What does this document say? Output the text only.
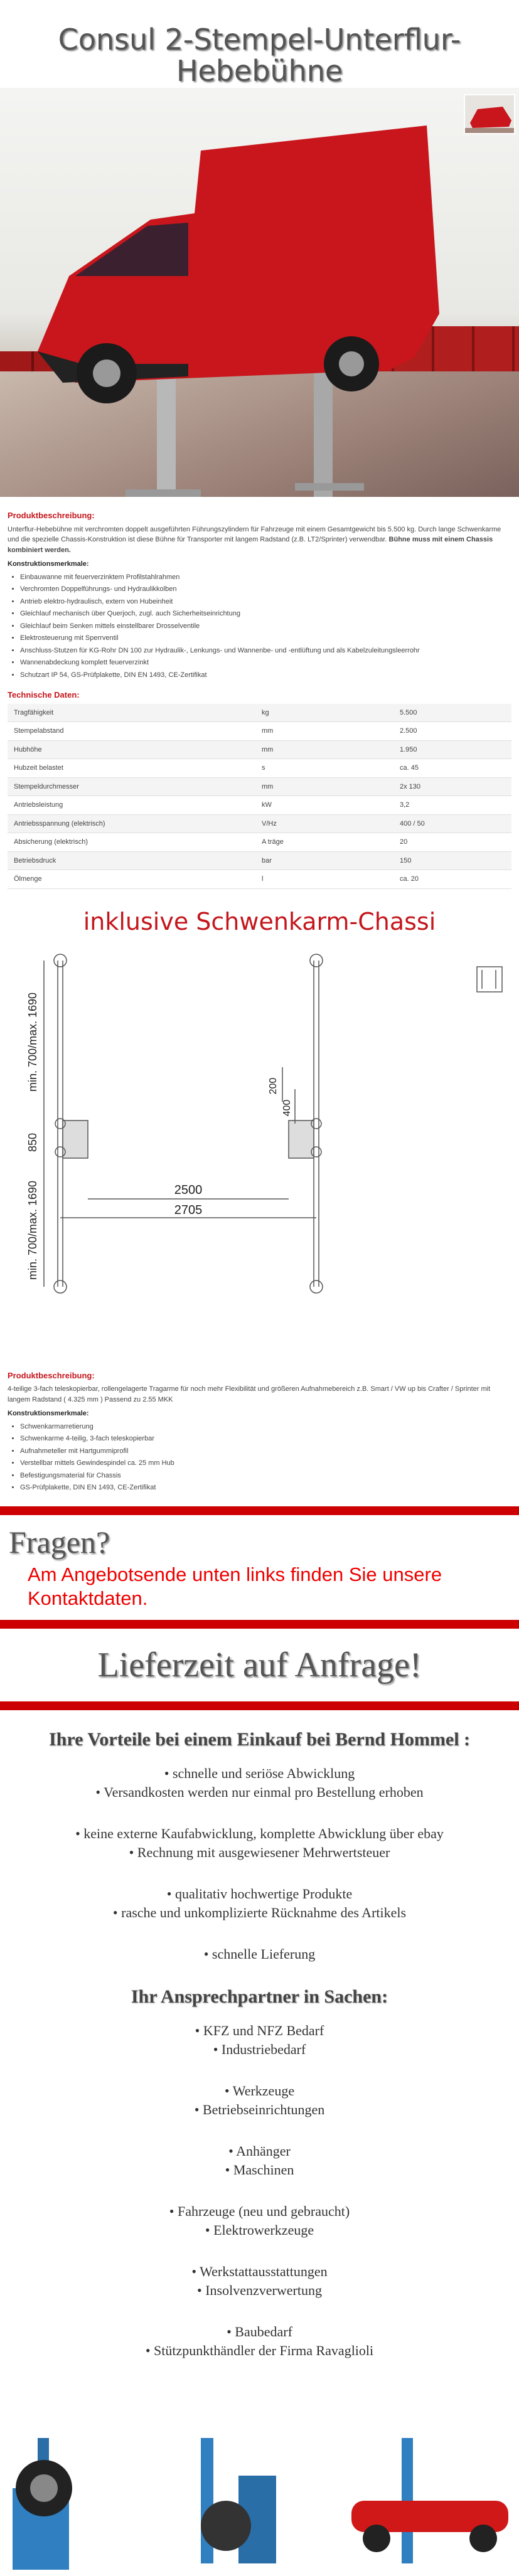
Consul 2-Stempel-Unterflur-Hebebühne

Produktbeschreibung:

Unterflur-Hebebühne mit verchromten doppelt ausgeführten Führungszylindern für Fahrzeuge mit einem Gesamtgewicht bis 5.500 kg. Durch lange Schwenkarme und die spezielle Chassis-Konstruktion ist diese Bühne für Transporter mit langem Radstand (z.B. LT2/Sprinter) verwendbar. Bühne muss mit einem Chassis kombiniert werden.

Konstruktionsmerkmale:
• Einbauwanne mit feuerverzinktem Profilstahlrahmen
• Verchromten Doppelführungs- und Hydraulikkolben
• Antrieb elektro-hydraulisch, extern von Hubeinheit
• Gleichlauf mechanisch über Querjoch, zugl. auch Sicherheitseinrichtung
• Gleichlauf beim Senken mittels einstellbarer Drosselventile
• Elektrosteuerung mit Sperrventil
• Anschluss-Stutzen für KG-Rohr DN 100 zur Hydraulik-, Lenkungs- und Wannenbe- und -entlüftung und als Kabelzuleitungsleerrohr
• Wannenabdeckung komplett feuerverzinkt
• Schutzart IP 54, GS-Prüfplakette, DIN EN 1493, CE-Zertifikat
Technische Daten:
Tragfähigkeit	kg	5.500
Stempelabstand	mm	2.500
Hubhöhe	mm	1.950
Hubzeit belastet	s	ca. 45
Stempeldurchmesser	mm	2x 130
Antriebsleistung	kW	3,2
Antriebsspannung (elektrisch)	V/Hz	400 / 50
Absicherung (elektrisch)	A träge	20
Betriebsdruck	bar	150
Ölmenge	l	ca. 20
inklusive Schwenkarm-Chassi
min. 700/max. 1690
850
min. 700/max. 1690
200
400
2500
2705
Produktbeschreibung:

4-teilige 3-fach teleskopierbar, rollengelagerte Tragarme für noch mehr Flexibilität und größeren Aufnahmebereich z.B. Smart / VW up bis Crafter / Sprinter mit langem Radstand ( 4.325 mm ) Passend zu 2.55 MKK

Konstruktionsmerkmale:
• Schwenkarmarretierung
• Schwenkarme 4-teilig, 3-fach teleskopierbar
• Aufnahmeteller mit Hartgummiprofil
• Verstellbar mittels Gewindespindel ca. 25 mm Hub
• Befestigungsmaterial für Chassis
• GS-Prüfplakette, DIN EN 1493, CE-Zertifikat
Fragen?
Am Angebotsende unten links finden Sie unsere Kontaktdaten.
Lieferzeit auf Anfrage!
Ihre Vorteile bei einem Einkauf bei Bernd Hommel :
• schnelle und seriöse Abwicklung
• Versandkosten werden nur einmal pro Bestellung erhoben
• keine externe Kaufabwicklung, komplette Abwicklung über ebay
• Rechnung mit ausgewiesener Mehrwertsteuer
• qualitativ hochwertige Produkte
• rasche und unkomplizierte Rücknahme des Artikels
• schnelle Lieferung
Ihr Ansprechpartner in Sachen:
• KFZ und NFZ Bedarf
• Industriebedarf
• Werkzeuge
• Betriebseinrichtungen
• Anhänger
• Maschinen
• Fahrzeuge (neu und gebraucht)
• Elektrowerkzeuge
• Werkstattausstattungen
• Insolvenzverwertung
• Baubedarf
• Stützpunkthändler der Firma Ravaglioli
